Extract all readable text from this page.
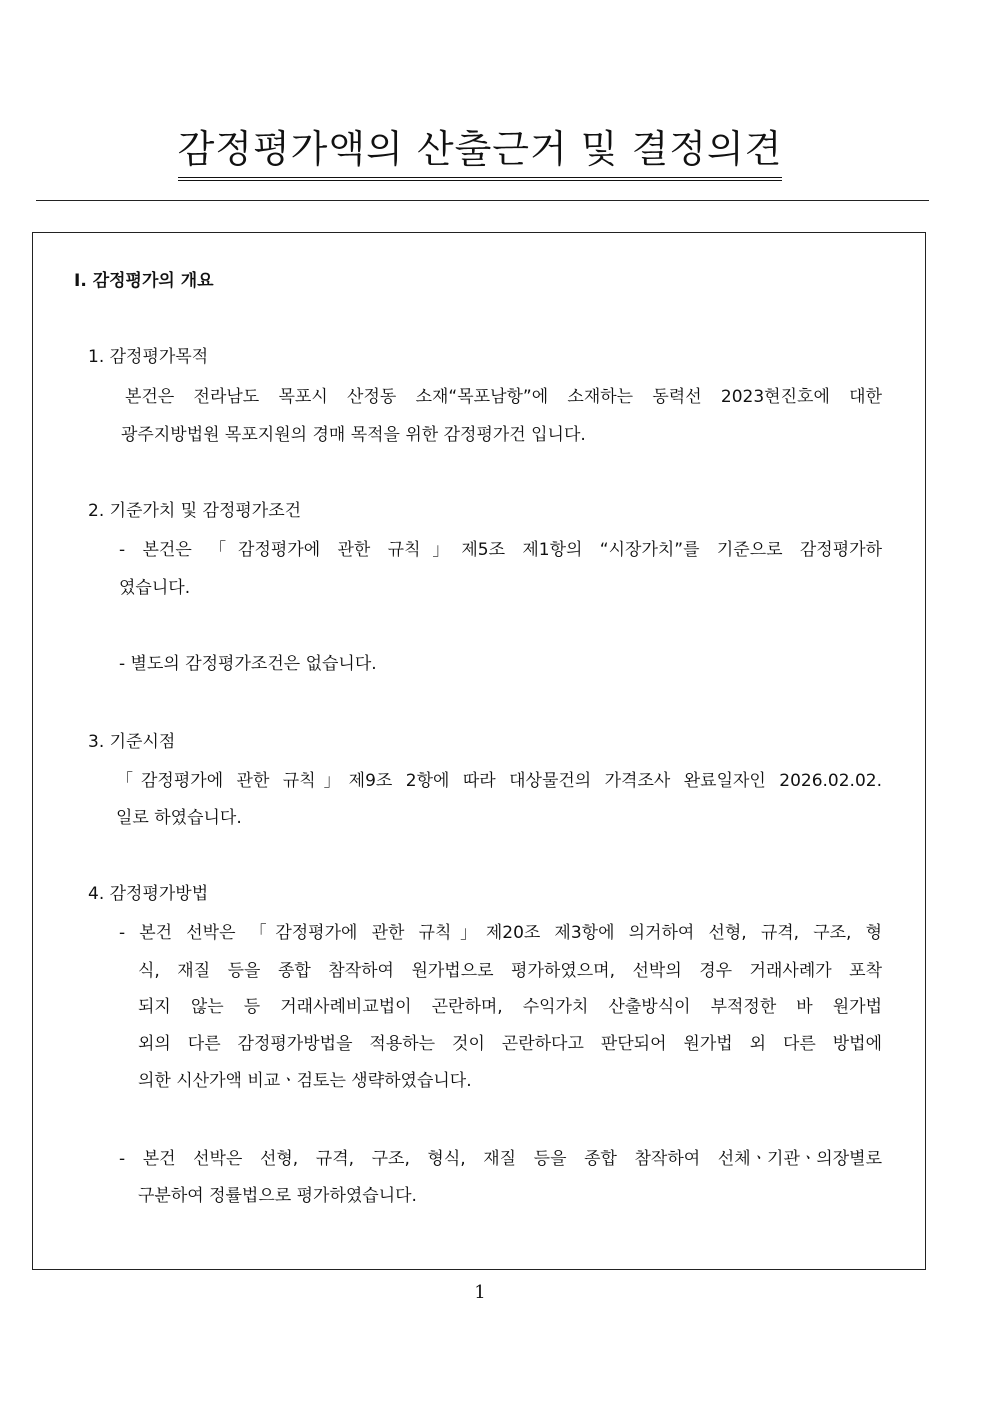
감정평가액의 산출근거 및 결정의견
Ⅰ. 감정평가의 개요
1. 감정평가목적
본건은 전라남도 목포시 산정동 소재“목포남항”에 소재하는 동력선 2023현진호에 대한
광주지방법원 목포지원의 경매 목적을 위한 감정평가건 입니다.
2. 기준가치 및 감정평가조건
- 본건은 「감정평가에 관한 규칙」제5조 제1항의 “시장가치”를 기준으로 감정평가하
였습니다.
- 별도의 감정평가조건은 없습니다.
3. 기준시점
「감정평가에 관한 규칙」제9조 2항에 따라 대상물건의 가격조사 완료일자인 2026.02.02.
일로 하였습니다.
4. 감정평가방법
- 본건 선박은 「감정평가에 관한 규칙」제20조 제3항에 의거하여 선형, 규격, 구조, 형
식, 재질 등을 종합 참작하여 원가법으로 평가하였으며, 선박의 경우 거래사례가 포착
되지 않는 등 거래사례비교법이 곤란하며, 수익가치 산출방식이 부적정한 바 원가법
외의 다른 감정평가방법을 적용하는 것이 곤란하다고 판단되어 원가법 외 다른 방법에
의한 시산가액 비교ㆍ검토는 생략하였습니다.
- 본건 선박은 선형, 규격, 구조, 형식, 재질 등을 종합 참작하여 선체ㆍ기관ㆍ의장별로
구분하여 정률법으로 평가하였습니다.
1
